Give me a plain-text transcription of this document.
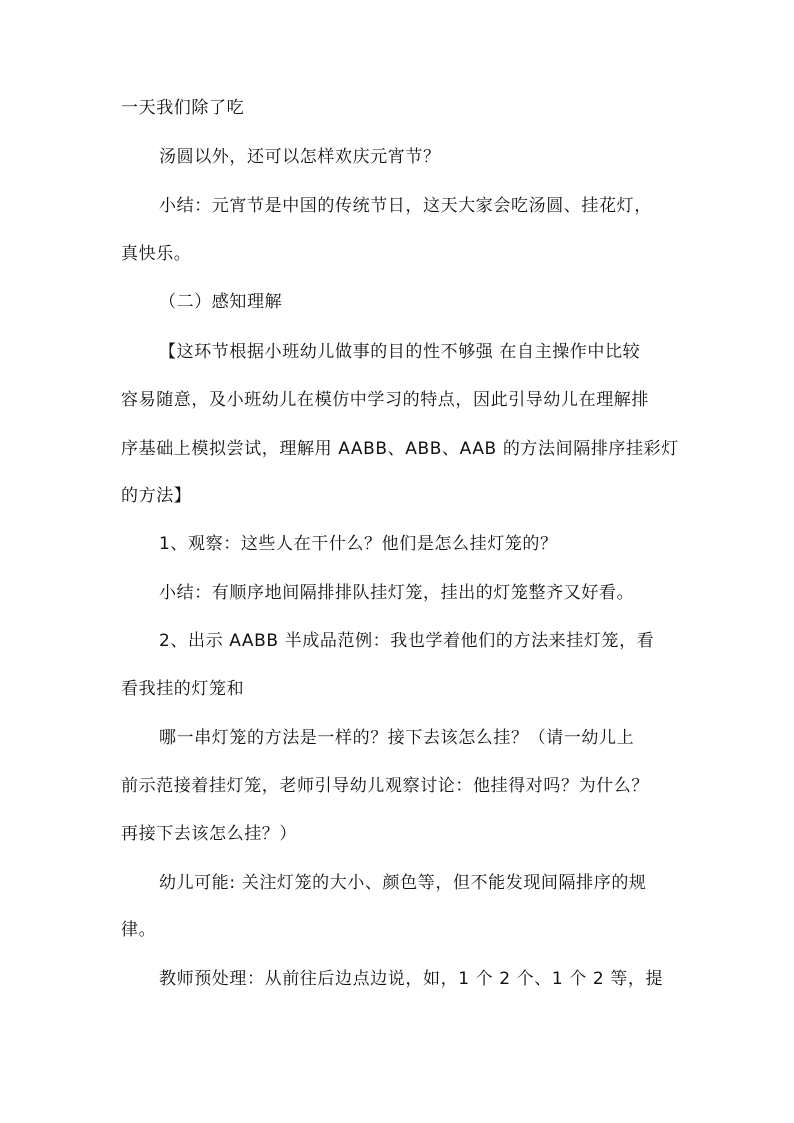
一天我们除了吃
汤圆以外，还可以怎样欢庆元宵节？
小结：元宵节是中国的传统节日，这天大家会吃汤圆、挂花灯，
真快乐。
（二）感知理解
【这环节根据小班幼儿做事的目的性不够强 在自主操作中比较
容易随意，及小班幼儿在模仿中学习的特点，因此引导幼儿在理解排
序基础上模拟尝试，理解用 AABB、ABB、AAB 的方法间隔排序挂彩灯
的方法】
1、观察：这些人在干什么？他们是怎么挂灯笼的？
小结：有顺序地间隔排排队挂灯笼，挂出的灯笼整齐又好看。
2、出示 AABB 半成品范例：我也学着他们的方法来挂灯笼，看
看我挂的灯笼和
哪一串灯笼的方法是一样的？接下去该怎么挂？（请一幼儿上
前示范接着挂灯笼，老师引导幼儿观察讨论：他挂得对吗？为什么？
再接下去该怎么挂？）
幼儿可能: 关注灯笼的大小、颜色等，但不能发现间隔排序的规
律。
教师预处理：从前往后边点边说，如，1 个 2 个、1 个 2 等，提
